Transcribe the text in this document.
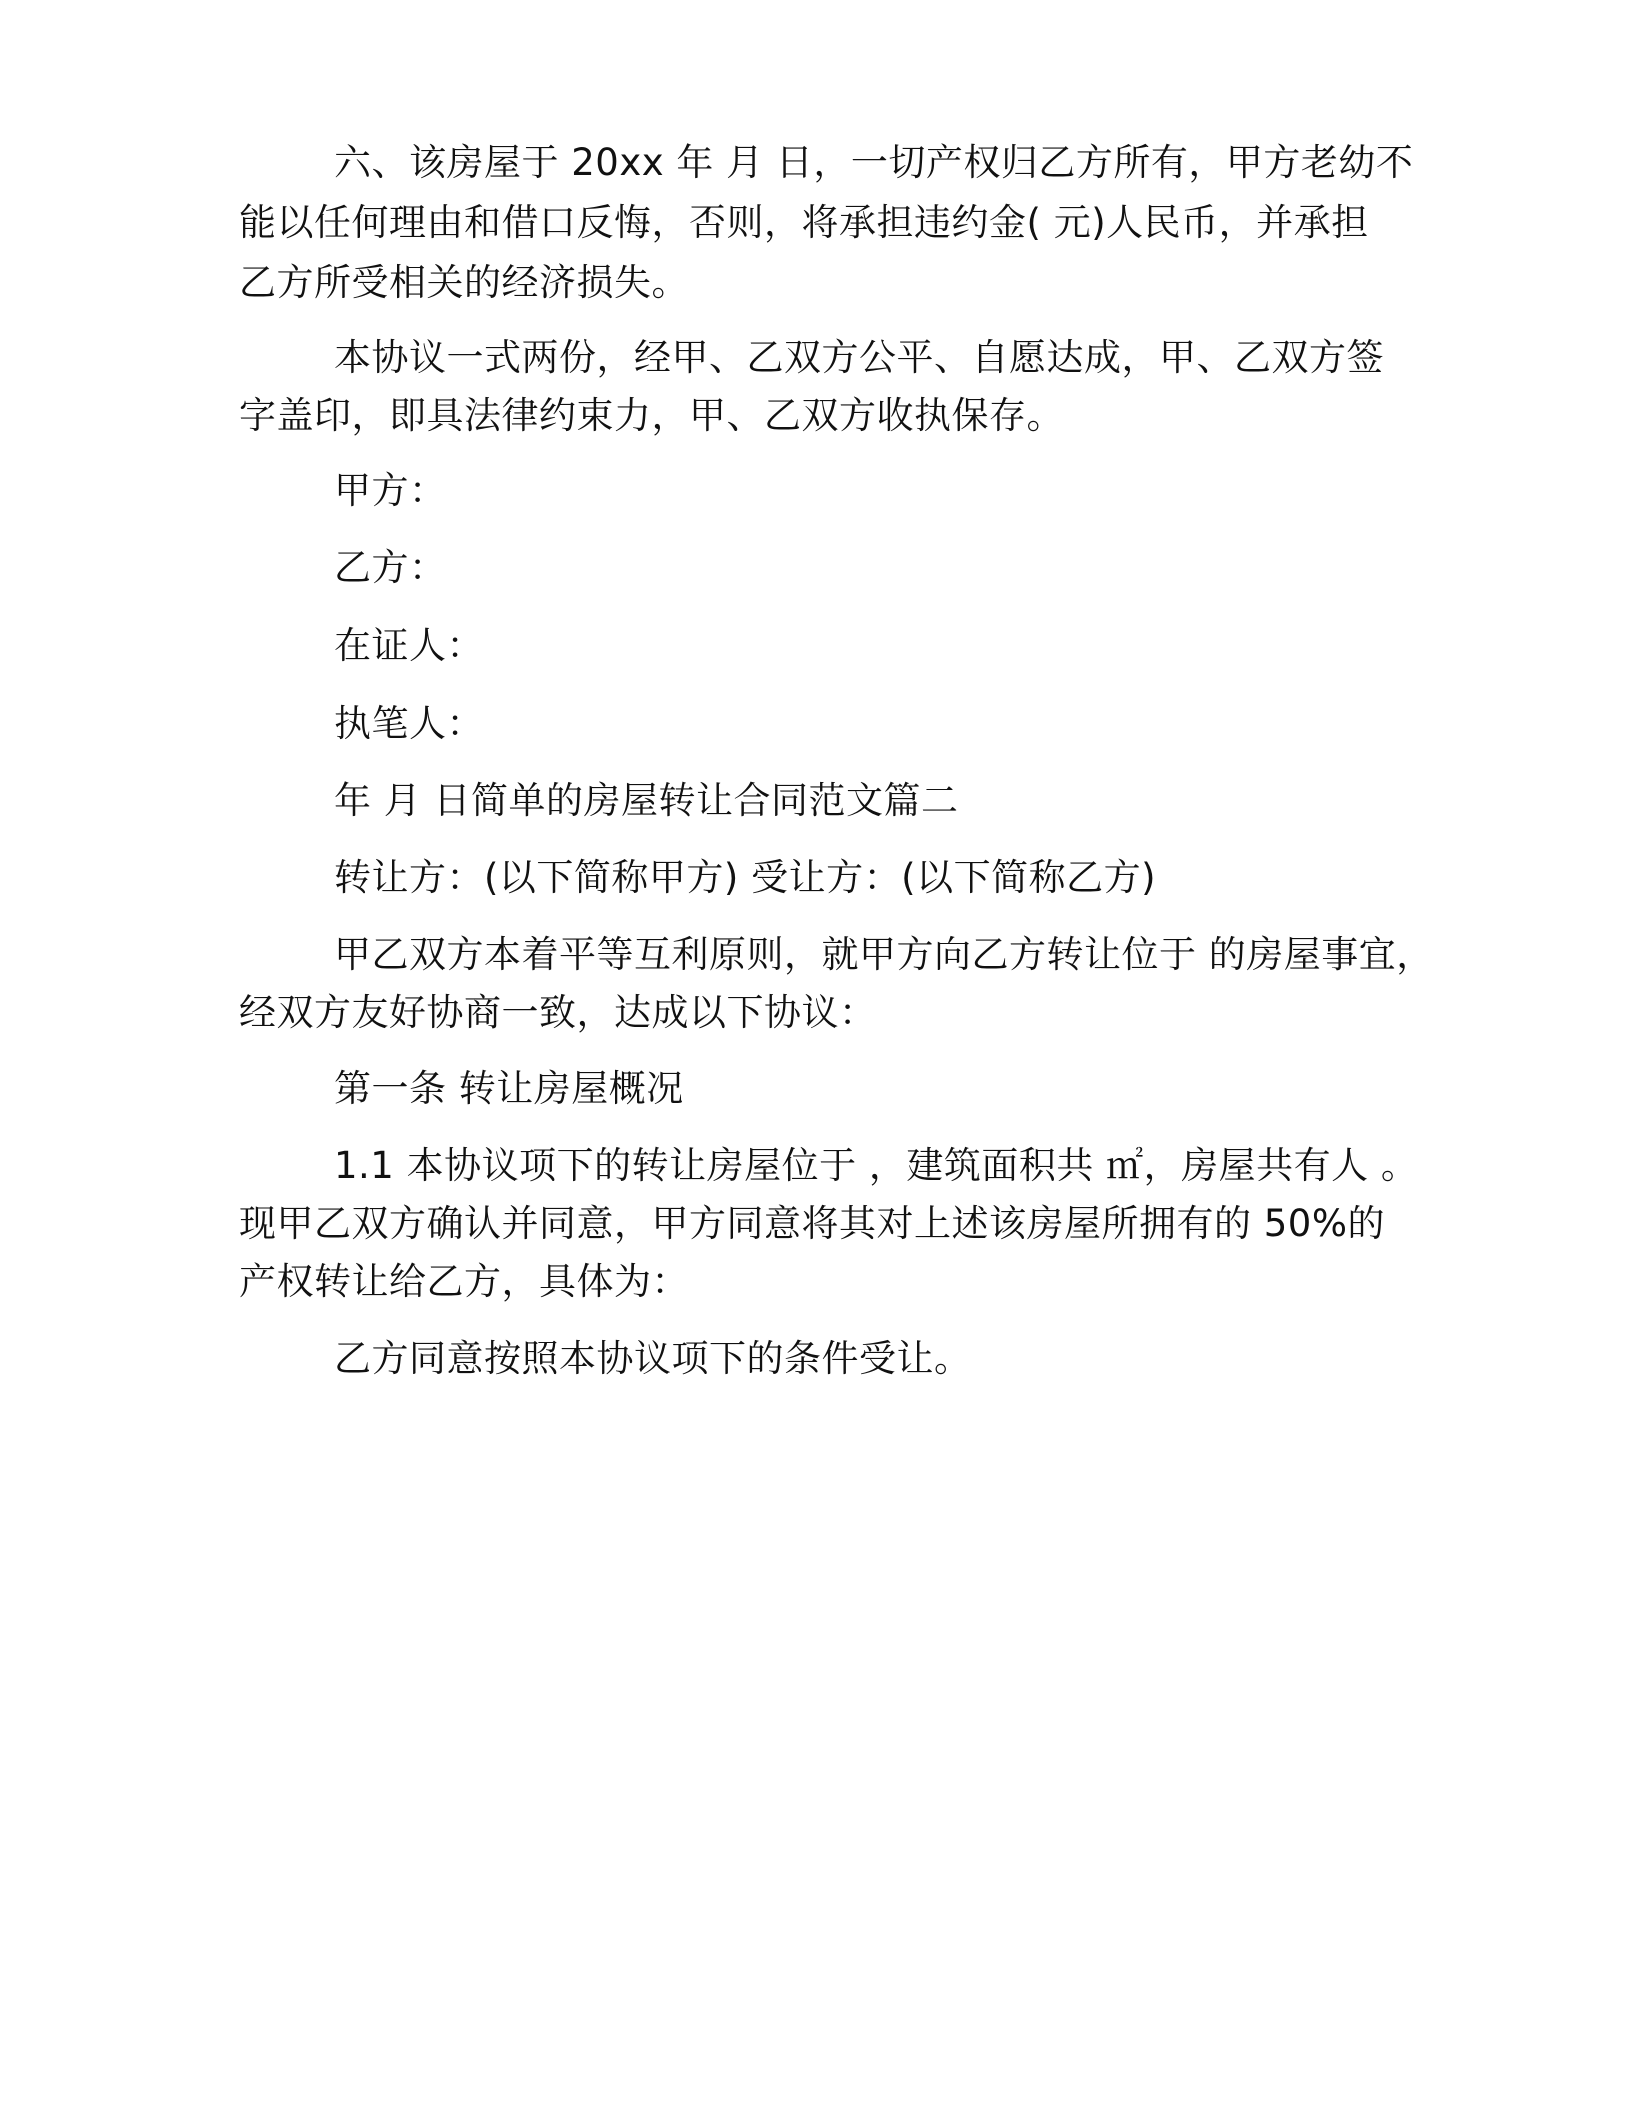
六、该房屋于 20xx 年 月 日，一切产权归乙方所有，甲方老幼不
能以任何理由和借口反悔，否则，将承担违约金( 元)人民币，并承担
乙方所受相关的经济损失。
本协议一式两份，经甲、乙双方公平、自愿达成，甲、乙双方签
字盖印，即具法律约束力，甲、乙双方收执保存。
甲方：
乙方：
在证人：
执笔人：
年 月 日简单的房屋转让合同范文篇二
转让方：(以下简称甲方) 受让方：(以下简称乙方)
甲乙双方本着平等互利原则，就甲方向乙方转让位于 的房屋事宜，
经双方友好协商一致，达成以下协议：
第一条 转让房屋概况
1.1 本协议项下的转让房屋位于 ，建筑面积共 ㎡，房屋共有人 。
现甲乙双方确认并同意，甲方同意将其对上述该房屋所拥有的 50%的
产权转让给乙方，具体为：
乙方同意按照本协议项下的条件受让。
